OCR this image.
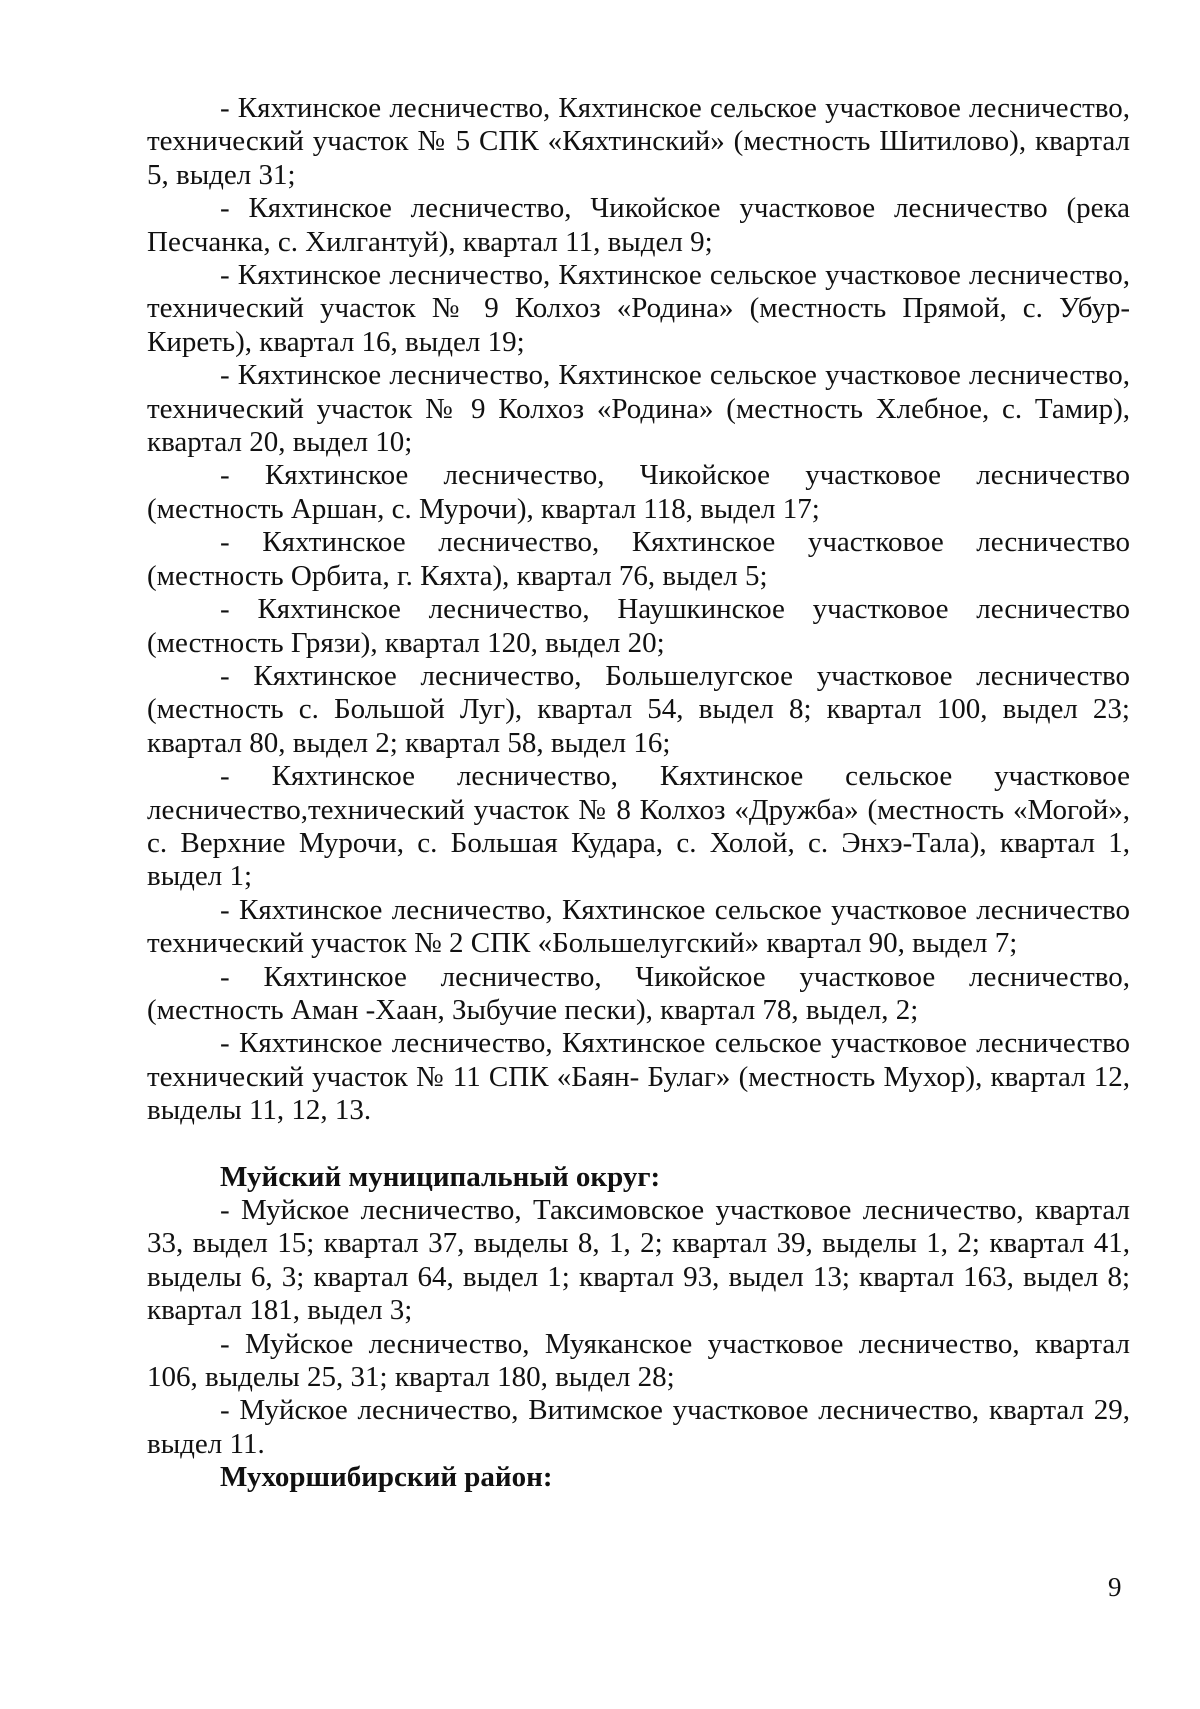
- Кяхтинское лесничество, Кяхтинское сельское участковое лесничество, технический участок № 5 СПК «Кяхтинский» (местность Шитилово), квартал 5, выдел 31;

- Кяхтинское лесничество, Чикойское участковое лесничество (река Песчанка, с. Хилгантуй), квартал 11, выдел 9;

- Кяхтинское лесничество, Кяхтинское сельское участковое лесничество, технический участок № 9 Колхоз «Родина» (местность Прямой, с. Убур-Киреть), квартал 16, выдел 19;

- Кяхтинское лесничество, Кяхтинское сельское участковое лесничество, технический участок № 9 Колхоз «Родина» (местность Хлебное, с. Тамир), квартал 20, выдел 10;

- Кяхтинское лесничество, Чикойское участковое лесничество (местность Аршан, с. Мурочи), квартал 118, выдел 17;

- Кяхтинское лесничество, Кяхтинское участковое лесничество (местность Орбита, г. Кяхта), квартал 76, выдел 5;

- Кяхтинское лесничество, Наушкинское участковое лесничество (местность Грязи), квартал 120, выдел 20;

- Кяхтинское лесничество, Большелугское участковое лесничество (местность с. Большой Луг), квартал 54, выдел 8; квартал 100, выдел 23; квартал 80, выдел 2; квартал 58, выдел 16;

- Кяхтинское лесничество, Кяхтинское сельское участковое лесничество,технический участок № 8 Колхоз «Дружба» (местность «Могой», с. Верхние Мурочи, с. Большая Кудара, с. Холой, с. Энхэ-Тала), квартал 1, выдел 1;

- Кяхтинское лесничество, Кяхтинское сельское участковое лесничество технический участок № 2 СПК «Большелугский» квартал 90, выдел 7;

- Кяхтинское лесничество, Чикойское участковое лесничество, (местность Аман -Хаан, Зыбучие пески), квартал 78, выдел, 2;

- Кяхтинское лесничество, Кяхтинское сельское участковое лесничество технический участок № 11 СПК «Баян- Булаг» (местность Мухор), квартал 12, выделы 11, 12, 13.

Муйский муниципальный округ:

- Муйское лесничество, Таксимовское участковое лесничество, квартал 33, выдел 15; квартал 37, выделы 8, 1, 2; квартал 39, выделы 1, 2; квартал 41, выделы 6, 3; квартал 64, выдел 1; квартал 93, выдел 13; квартал 163, выдел 8; квартал 181, выдел 3;

- Муйское лесничество, Муяканское участковое лесничество, квартал 106, выделы 25, 31; квартал 180, выдел 28;

- Муйское лесничество, Витимское участковое лесничество, квартал 29, выдел 11.

Мухоршибирский район:

9
